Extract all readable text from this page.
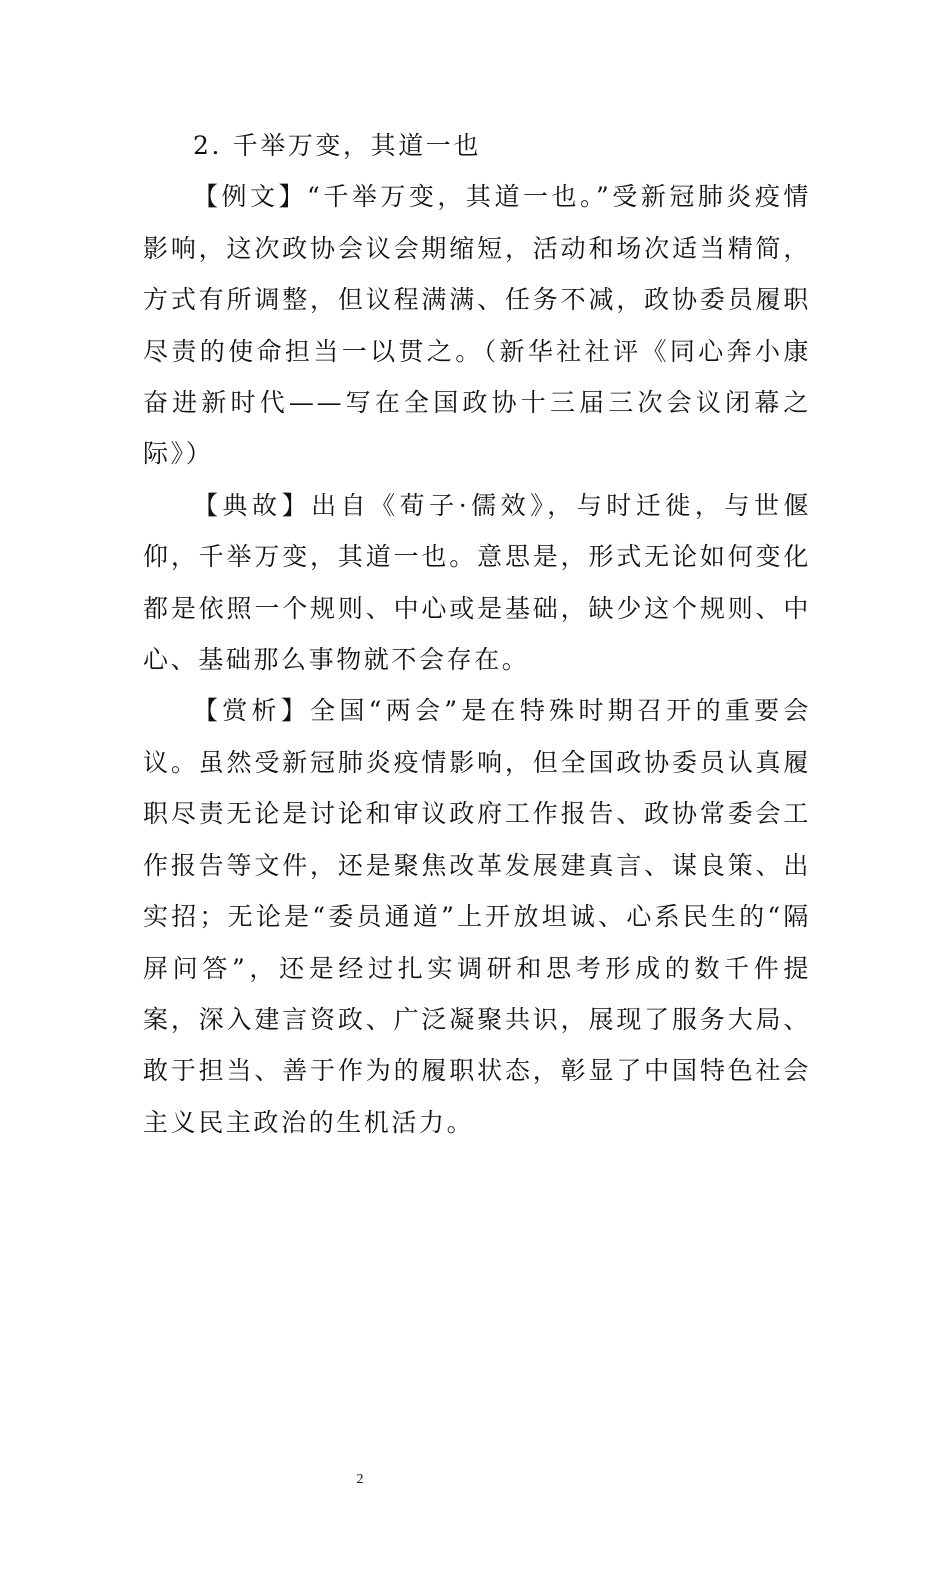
2. 千举万变，其道一也

【例文】“千举万变，其道一也。”受新冠肺炎疫情影响，这次政协会议会期缩短，活动和场次适当精简，方式有所调整，但议程满满、任务不减，政协委员履职尽责的使命担当一以贯之。（新华社社评《同心奔小康 奋进新时代——写在全国政协十三届三次会议闭幕之际》）

【典故】出自《荀子·儒效》，与时迁徙，与世偃仰，千举万变，其道一也。意思是，形式无论如何变化都是依照一个规则、中心或是基础，缺少这个规则、中心、基础那么事物就不会存在。

【赏析】全国“两会”是在特殊时期召开的重要会议。虽然受新冠肺炎疫情影响，但全国政协委员认真履职尽责无论是讨论和审议政府工作报告、政协常委会工作报告等文件，还是聚焦改革发展建真言、谋良策、出实招；无论是“委员通道”上开放坦诚、心系民生的“隔屏问答”，还是经过扎实调研和思考形成的数千件提案，深入建言资政、广泛凝聚共识，展现了服务大局、敢于担当、善于作为的履职状态，彰显了中国特色社会主义民主政治的生机活力。

2
